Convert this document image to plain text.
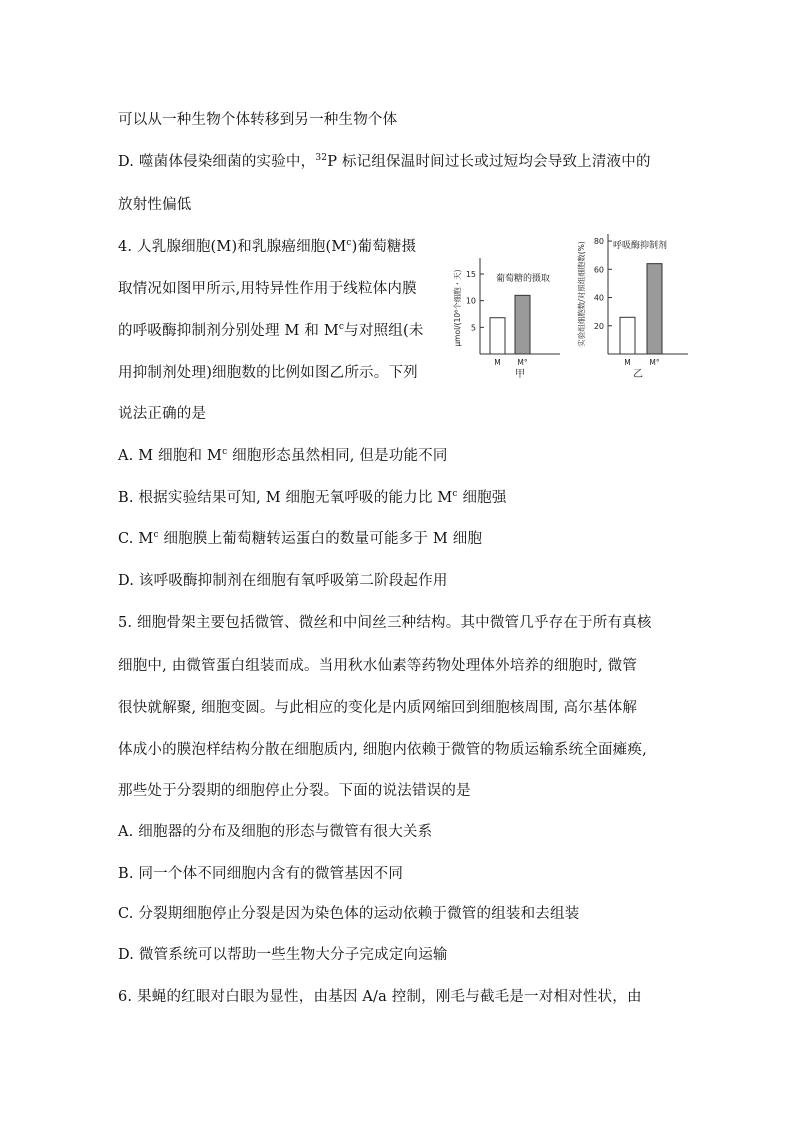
可以从一种生物个体转移到另一种生物个体
D. 噬菌体侵染细菌的实验中，$^{32}$P 标记组保温时间过长或过短均会导致上清液中的
放射性偏低
4. 人乳腺细胞(M)和乳腺癌细胞$(M^c)$葡萄糖摄
取情况如图甲所示,用特异性作用于线粒体内膜
的呼吸酶抑制剂分别处理 M 和 $M^c$与对照组(未
用抑制剂处理)细胞数的比例如图乙所示。下列
说法正确的是
A. M 细胞和 $M^c$ 细胞形态虽然相同, 但是功能不同
B. 根据实验结果可知, M 细胞无氧呼吸的能力比 $M^c$ 细胞强
C. $M^c$ 细胞膜上葡萄糖转运蛋白的数量可能多于 M 细胞
D. 该呼吸酶抑制剂在细胞有氧呼吸第二阶段起作用
5. 细胞骨架主要包括微管、微丝和中间丝三种结构。其中微管几乎存在于所有真核
细胞中, 由微管蛋白组装而成。当用秋水仙素等药物处理体外培养的细胞时, 微管
很快就解聚, 细胞变圆。与此相应的变化是内质网缩回到细胞核周围, 高尔基体解
体成小的膜泡样结构分散在细胞质内, 细胞内依赖于微管的物质运输系统全面瘫痪,
那些处于分裂期的细胞停止分裂。下面的说法错误的是
A. 细胞器的分布及细胞的形态与微管有很大关系
B. 同一个体不同细胞内含有的微管基因不同
C. 分裂期细胞停止分裂是因为染色体的运动依赖于微管的组装和去组装
D. 微管系统可以帮助一些生物大分子完成定向运输
6. 果蝇的红眼对白眼为显性，由基因 A/a 控制，刚毛与截毛是一对相对性状，由
葡萄糖的摄取
μmol/(10⁶个细胞・天)
甲
5
10
15
M M°
呼吸酶抑制剂
实验组细胞数/对照组细胞数(%)
乙
20
40
60
80
M M°
